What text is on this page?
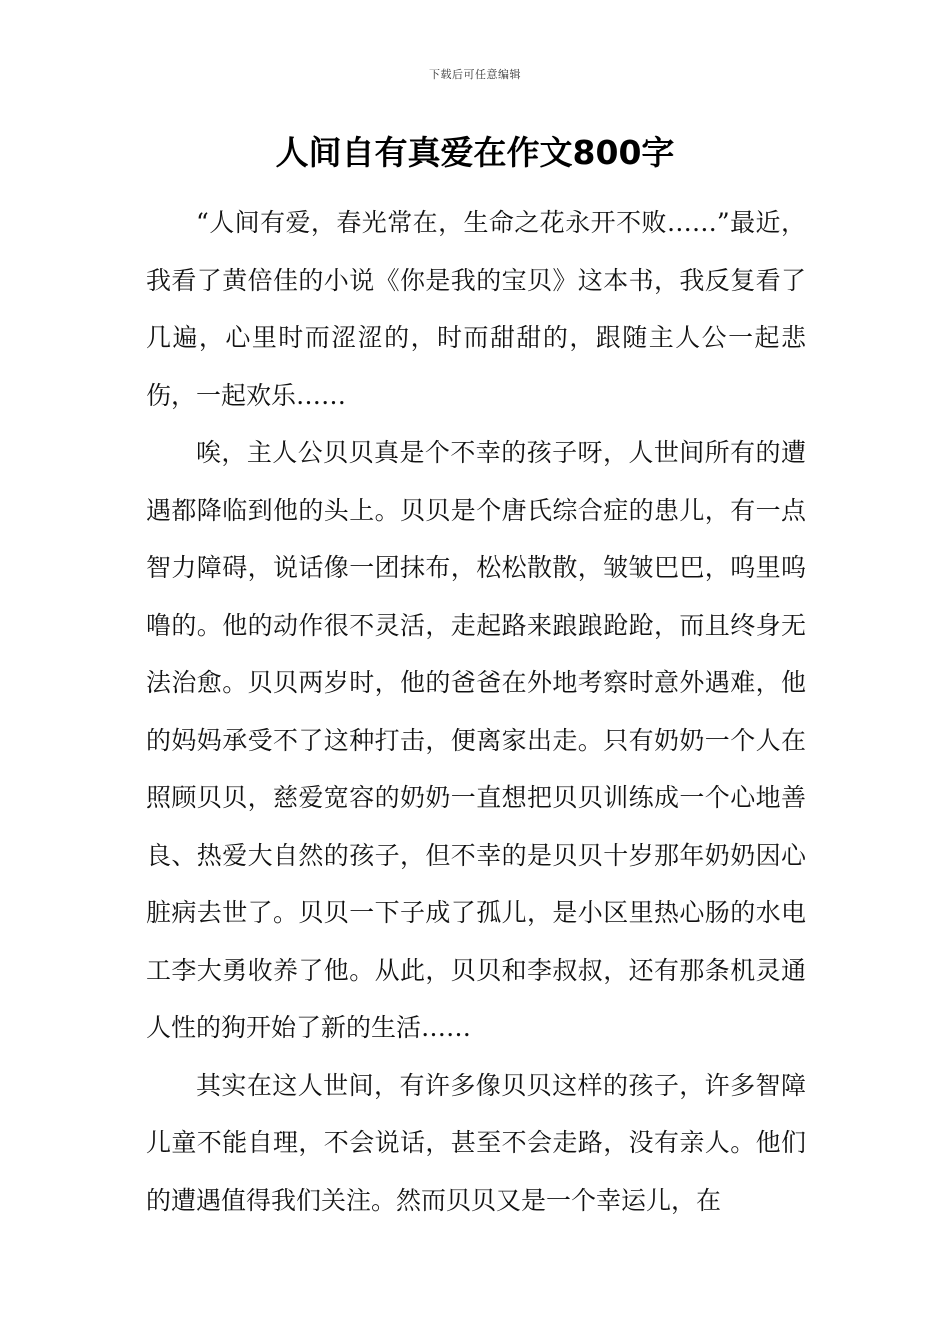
下载后可任意编辑
人间自有真爱在作文800字

“人间有爱，春光常在，生命之花永开不败……”最近，我看了黄倍佳的小说《你是我的宝贝》这本书，我反复看了几遍，心里时而涩涩的，时而甜甜的，跟随主人公一起悲伤，一起欢乐……

唉，主人公贝贝真是个不幸的孩子呀，人世间所有的遭遇都降临到他的头上。贝贝是个唐氏综合症的患儿，有一点智力障碍，说话像一团抹布，松松散散，皱皱巴巴，呜里呜噜的。他的动作很不灵活，走起路来踉踉跄跄，而且终身无法治愈。贝贝两岁时，他的爸爸在外地考察时意外遇难，他的妈妈承受不了这种打击，便离家出走。只有奶奶一个人在照顾贝贝，慈爱宽容的奶奶一直想把贝贝训练成一个心地善良、热爱大自然的孩子，但不幸的是贝贝十岁那年奶奶因心脏病去世了。贝贝一下子成了孤儿，是小区里热心肠的水电工李大勇收养了他。从此，贝贝和李叔叔，还有那条机灵通人性的狗开始了新的生活……

其实在这人世间，有许多像贝贝这样的孩子，许多智障儿童不能自理，不会说话，甚至不会走路，没有亲人。他们的遭遇值得我们关注。然而贝贝又是一个幸运儿，在
